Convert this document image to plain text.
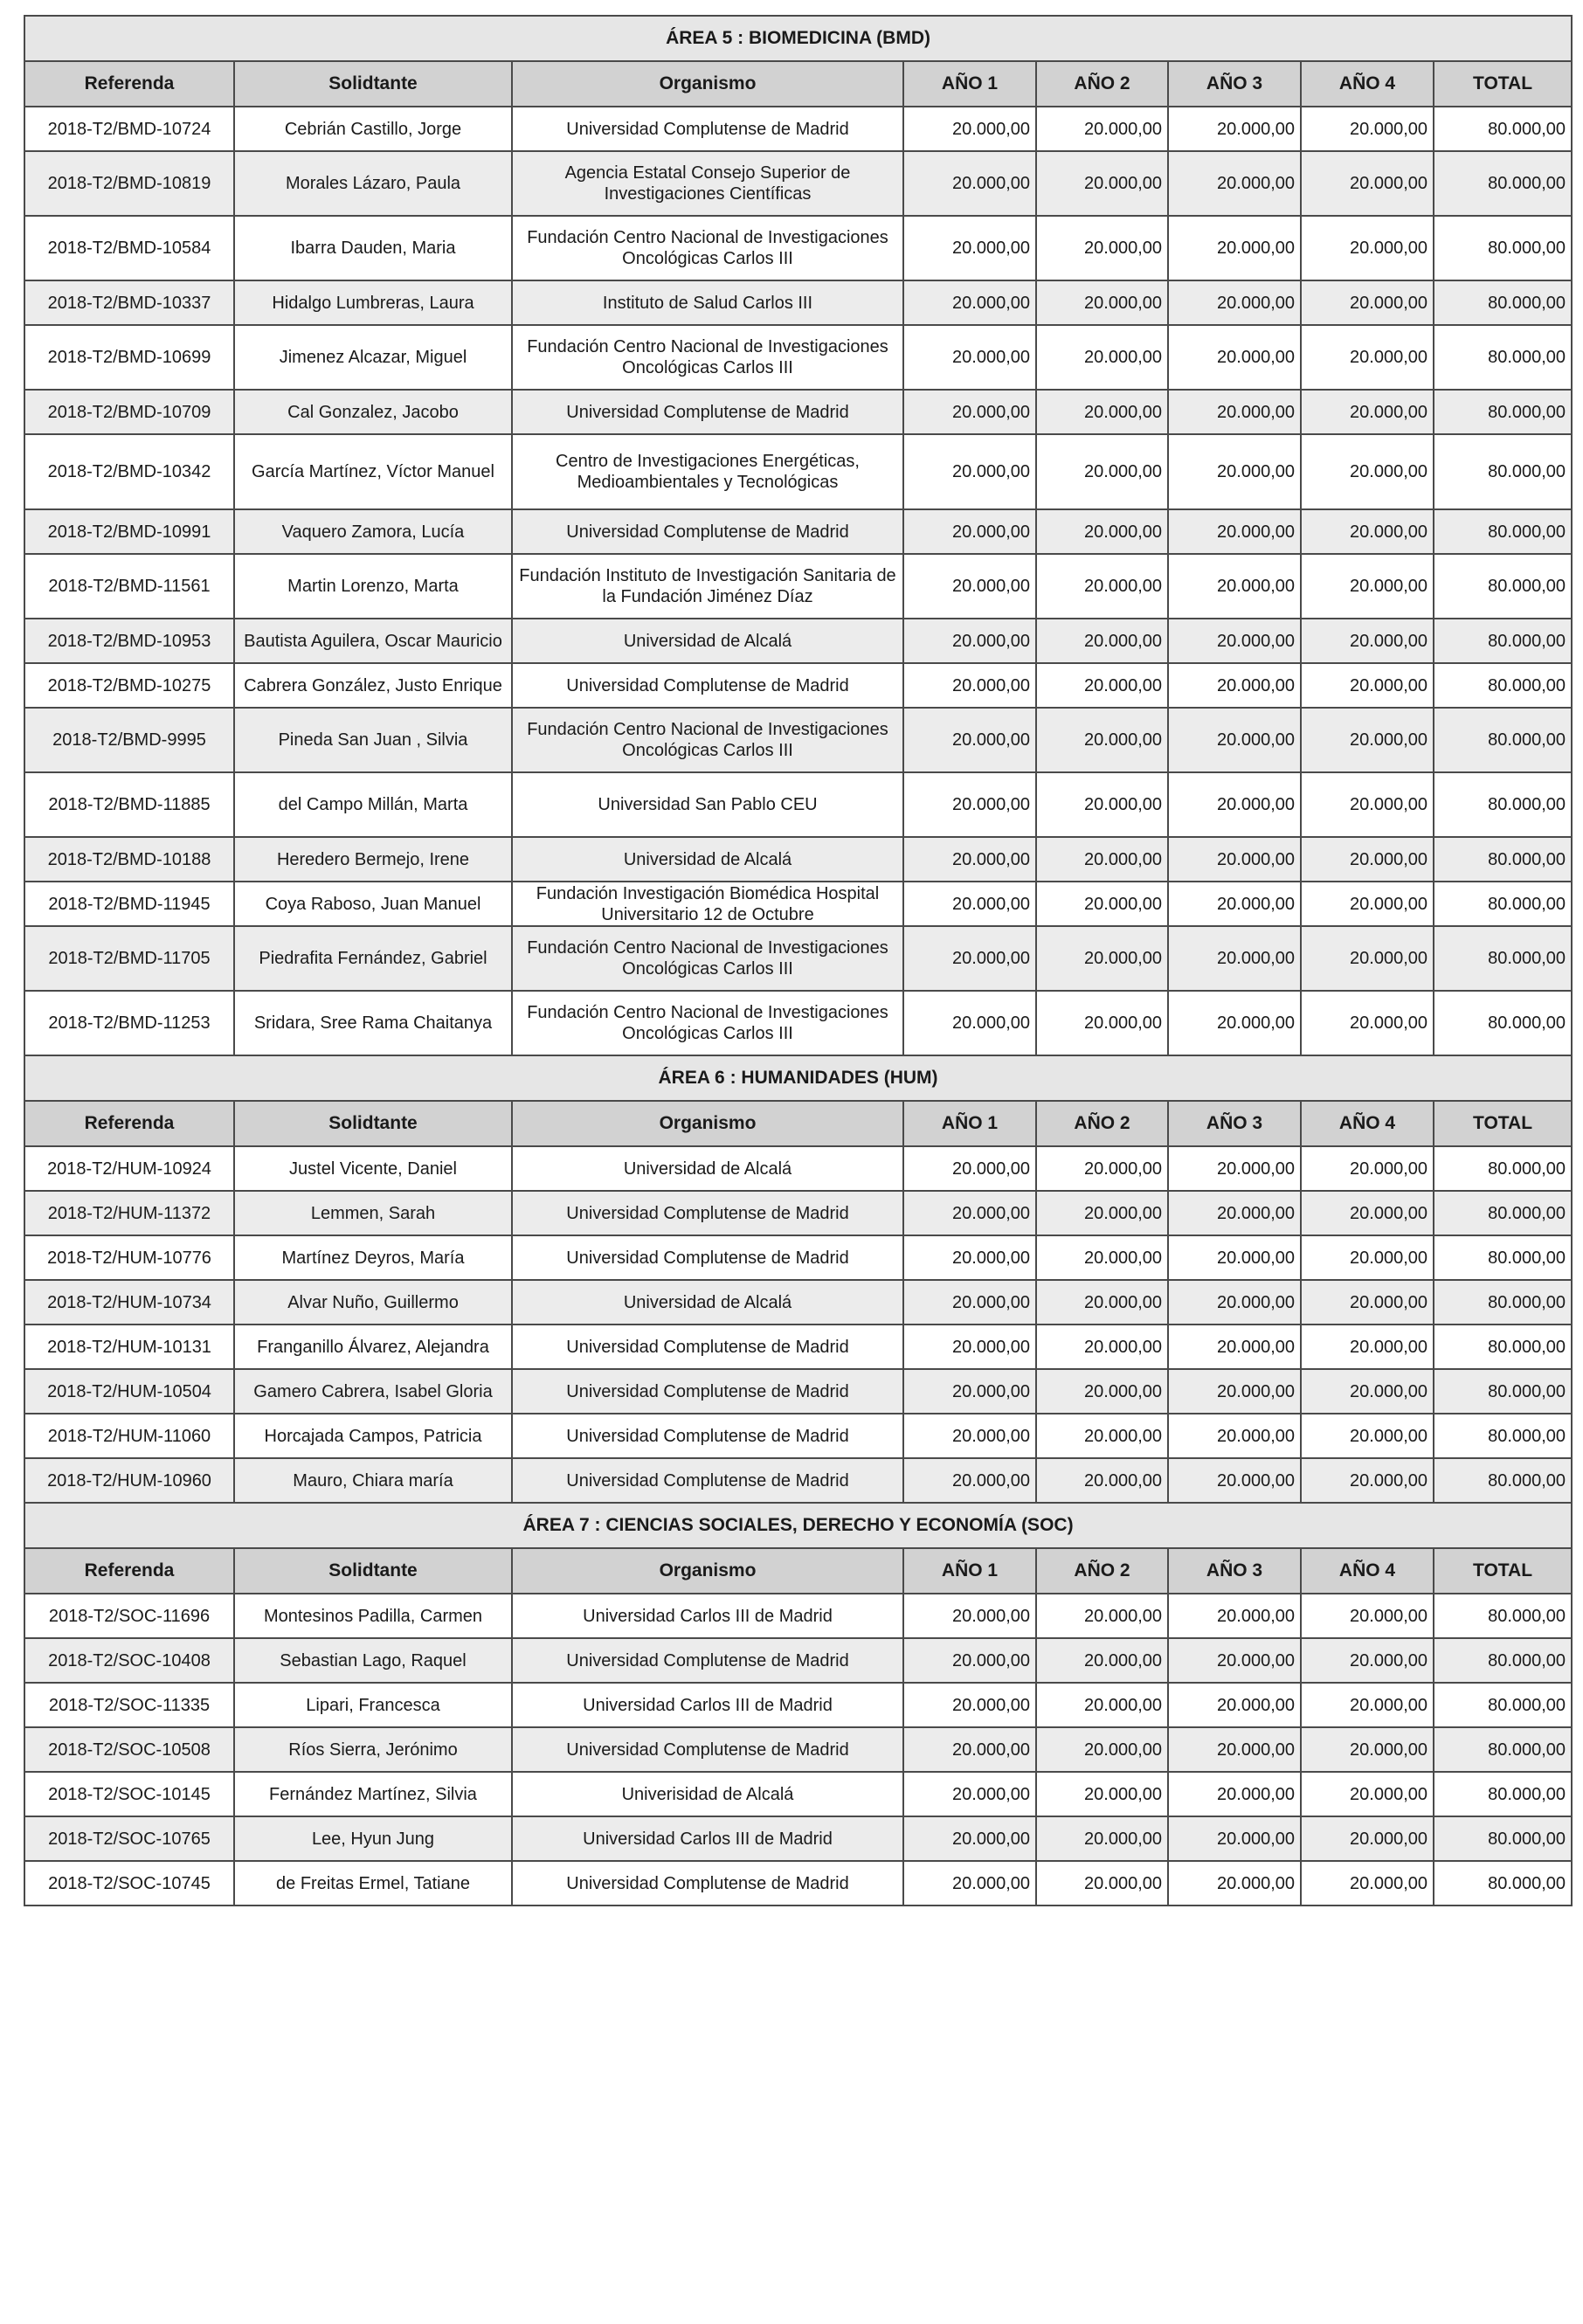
ÁREA 5 : BIOMEDICINA (BMD)							
Referenda	Solidtante	Organismo	AÑO 1	AÑO 2	AÑO 3	AÑO 4	TOTAL
2018-T2/BMD-10724	Cebrián Castillo, Jorge	Universidad Complutense de Madrid	20.000,00	20.000,00	20.000,00	20.000,00	80.000,00
2018-T2/BMD-10819	Morales Lázaro, Paula	Agencia Estatal Consejo Superior de Investigaciones Científicas	20.000,00	20.000,00	20.000,00	20.000,00	80.000,00
2018-T2/BMD-10584	Ibarra Dauden, Maria	Fundación Centro Nacional de Investigaciones Oncológicas Carlos III	20.000,00	20.000,00	20.000,00	20.000,00	80.000,00
2018-T2/BMD-10337	Hidalgo Lumbreras, Laura	Instituto de Salud Carlos III	20.000,00	20.000,00	20.000,00	20.000,00	80.000,00
2018-T2/BMD-10699	Jimenez Alcazar, Miguel	Fundación Centro Nacional de Investigaciones Oncológicas Carlos III	20.000,00	20.000,00	20.000,00	20.000,00	80.000,00
2018-T2/BMD-10709	Cal Gonzalez, Jacobo	Universidad Complutense de Madrid	20.000,00	20.000,00	20.000,00	20.000,00	80.000,00
2018-T2/BMD-10342	García Martínez, Víctor Manuel	Centro de Investigaciones Energéticas, Medioambientales y Tecnológicas	20.000,00	20.000,00	20.000,00	20.000,00	80.000,00
2018-T2/BMD-10991	Vaquero Zamora, Lucía	Universidad Complutense de Madrid	20.000,00	20.000,00	20.000,00	20.000,00	80.000,00
2018-T2/BMD-11561	Martin Lorenzo, Marta	Fundación Instituto de Investigación Sanitaria de la Fundación Jiménez Díaz	20.000,00	20.000,00	20.000,00	20.000,00	80.000,00
2018-T2/BMD-10953	Bautista Aguilera, Oscar Mauricio	Universidad de Alcalá	20.000,00	20.000,00	20.000,00	20.000,00	80.000,00
2018-T2/BMD-10275	Cabrera González, Justo Enrique	Universidad Complutense de Madrid	20.000,00	20.000,00	20.000,00	20.000,00	80.000,00
2018-T2/BMD-9995	Pineda San Juan , Silvia	Fundación Centro Nacional de Investigaciones Oncológicas Carlos III	20.000,00	20.000,00	20.000,00	20.000,00	80.000,00
2018-T2/BMD-11885	del Campo Millán, Marta	Universidad San Pablo CEU	20.000,00	20.000,00	20.000,00	20.000,00	80.000,00
2018-T2/BMD-10188	Heredero Bermejo, Irene	Universidad de Alcalá	20.000,00	20.000,00	20.000,00	20.000,00	80.000,00
2018-T2/BMD-11945	Coya Raboso, Juan Manuel	Fundación Investigación Biomédica Hospital Universitario 12 de Octubre	20.000,00	20.000,00	20.000,00	20.000,00	80.000,00
2018-T2/BMD-11705	Piedrafita Fernández, Gabriel	Fundación Centro Nacional de Investigaciones Oncológicas Carlos III	20.000,00	20.000,00	20.000,00	20.000,00	80.000,00
2018-T2/BMD-11253	Sridara, Sree Rama Chaitanya	Fundación Centro Nacional de Investigaciones Oncológicas Carlos III	20.000,00	20.000,00	20.000,00	20.000,00	80.000,00
ÁREA 6 : HUMANIDADES (HUM)							
Referenda	Solidtante	Organismo	AÑO 1	AÑO 2	AÑO 3	AÑO 4	TOTAL
2018-T2/HUM-10924	Justel Vicente, Daniel	Universidad de Alcalá	20.000,00	20.000,00	20.000,00	20.000,00	80.000,00
2018-T2/HUM-11372	Lemmen, Sarah	Universidad Complutense de Madrid	20.000,00	20.000,00	20.000,00	20.000,00	80.000,00
2018-T2/HUM-10776	Martínez Deyros, María	Universidad Complutense de Madrid	20.000,00	20.000,00	20.000,00	20.000,00	80.000,00
2018-T2/HUM-10734	Alvar Nuño, Guillermo	Universidad de Alcalá	20.000,00	20.000,00	20.000,00	20.000,00	80.000,00
2018-T2/HUM-10131	Franganillo Álvarez, Alejandra	Universidad Complutense de Madrid	20.000,00	20.000,00	20.000,00	20.000,00	80.000,00
2018-T2/HUM-10504	Gamero Cabrera, Isabel Gloria	Universidad Complutense de Madrid	20.000,00	20.000,00	20.000,00	20.000,00	80.000,00
2018-T2/HUM-11060	Horcajada Campos, Patricia	Universidad Complutense de Madrid	20.000,00	20.000,00	20.000,00	20.000,00	80.000,00
2018-T2/HUM-10960	Mauro, Chiara maría	Universidad Complutense de Madrid	20.000,00	20.000,00	20.000,00	20.000,00	80.000,00
ÁREA 7 : CIENCIAS SOCIALES, DERECHO Y ECONOMÍA (SOC)							
Referenda	Solidtante	Organismo	AÑO 1	AÑO 2	AÑO 3	AÑO 4	TOTAL
2018-T2/SOC-11696	Montesinos Padilla, Carmen	Universidad Carlos III de Madrid	20.000,00	20.000,00	20.000,00	20.000,00	80.000,00
2018-T2/SOC-10408	Sebastian Lago, Raquel	Universidad Complutense de Madrid	20.000,00	20.000,00	20.000,00	20.000,00	80.000,00
2018-T2/SOC-11335	Lipari, Francesca	Universidad Carlos III de Madrid	20.000,00	20.000,00	20.000,00	20.000,00	80.000,00
2018-T2/SOC-10508	Ríos Sierra, Jerónimo	Universidad Complutense de Madrid	20.000,00	20.000,00	20.000,00	20.000,00	80.000,00
2018-T2/SOC-10145	Fernández Martínez, Silvia	Univerisidad de Alcalá	20.000,00	20.000,00	20.000,00	20.000,00	80.000,00
2018-T2/SOC-10765	Lee, Hyun Jung	Universidad Carlos III de Madrid	20.000,00	20.000,00	20.000,00	20.000,00	80.000,00
2018-T2/SOC-10745	de Freitas Ermel, Tatiane	Universidad Complutense de Madrid	20.000,00	20.000,00	20.000,00	20.000,00	80.000,00
